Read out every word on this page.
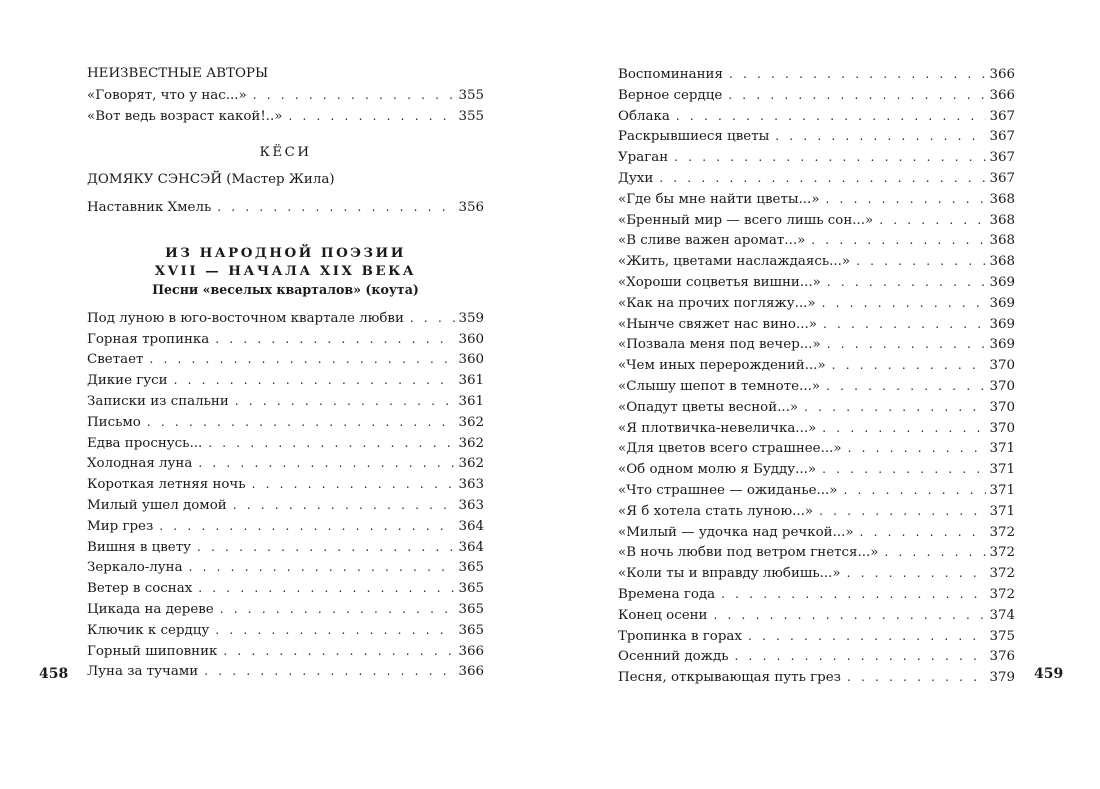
НЕИЗВЕСТНЫЕ АВТОРЫ
«Говорят, что у нас...» . . .	355
«Вот ведь возраст какой!..» . . .	355
КЁСИ
ДОМЯКУ СЭНСЭЙ (Мастер Жила)
Наставник Хмель . . .	356
ИЗ НАРОДНОЙ ПОЭЗИИ
XVII — НАЧАЛА XIX ВЕКА
Песни «веселых кварталов» (коута)
Под луною в юго-восточном квартале любви . . .	359
Горная тропинка . . .	360
Светает . . .	360
Дикие гуси . . .	361
Записки из спальни . . .	361
Письмо . . .	362
Едва проснусь... . . .	362
Холодная луна . . .	362
Короткая летняя ночь . . .	363
Милый ушел домой . . .	363
Мир грез . . .	364
Вишня в цвету . . .	364
Зеркало-луна . . .	365
Ветер в соснах . . .	365
Цикада на дереве . . .	365
Ключик к сердцу . . .	365
Горный шиповник . . .	366
Луна за тучами . . .	366
458
Воспоминания . . .	366
Верное сердце . . .	366
Облака . . .	367
Раскрывшиеся цветы . . .	367
Ураган . . .	367
Духи . . .	367
«Где бы мне найти цветы...» . . .	368
«Бренный мир — всего лишь сон...» . . .	368
«В сливе важен аромат...» . . .	368
«Жить, цветами наслаждаясь...» . . .	368
«Хороши соцветья вишни...» . . .	369
«Как на прочих погляжу...» . . .	369
«Нынче свяжет нас вино...» . . .	369
«Позвала меня под вечер...» . . .	369
«Чем иных перерождений...» . . .	370
«Слышу шепот в темноте...» . . .	370
«Опадут цветы весной...» . . .	370
«Я плотвичка-невеличка...» . . .	370
«Для цветов всего страшнее...» . . .	371
«Об одном молю я Будду...» . . .	371
«Что страшнее — ожиданье...» . . .	371
«Я б хотела стать луною...» . . .	371
«Милый — удочка над речкой...» . . .	372
«В ночь любви под ветром гнется...» . . .	372
«Коли ты и вправду любишь...» . . .	372
Времена года . . .	372
Конец осени . . .	374
Тропинка в горах . . .	375
Осенний дождь . . .	376
Песня, открывающая путь грез . . .	379 459
